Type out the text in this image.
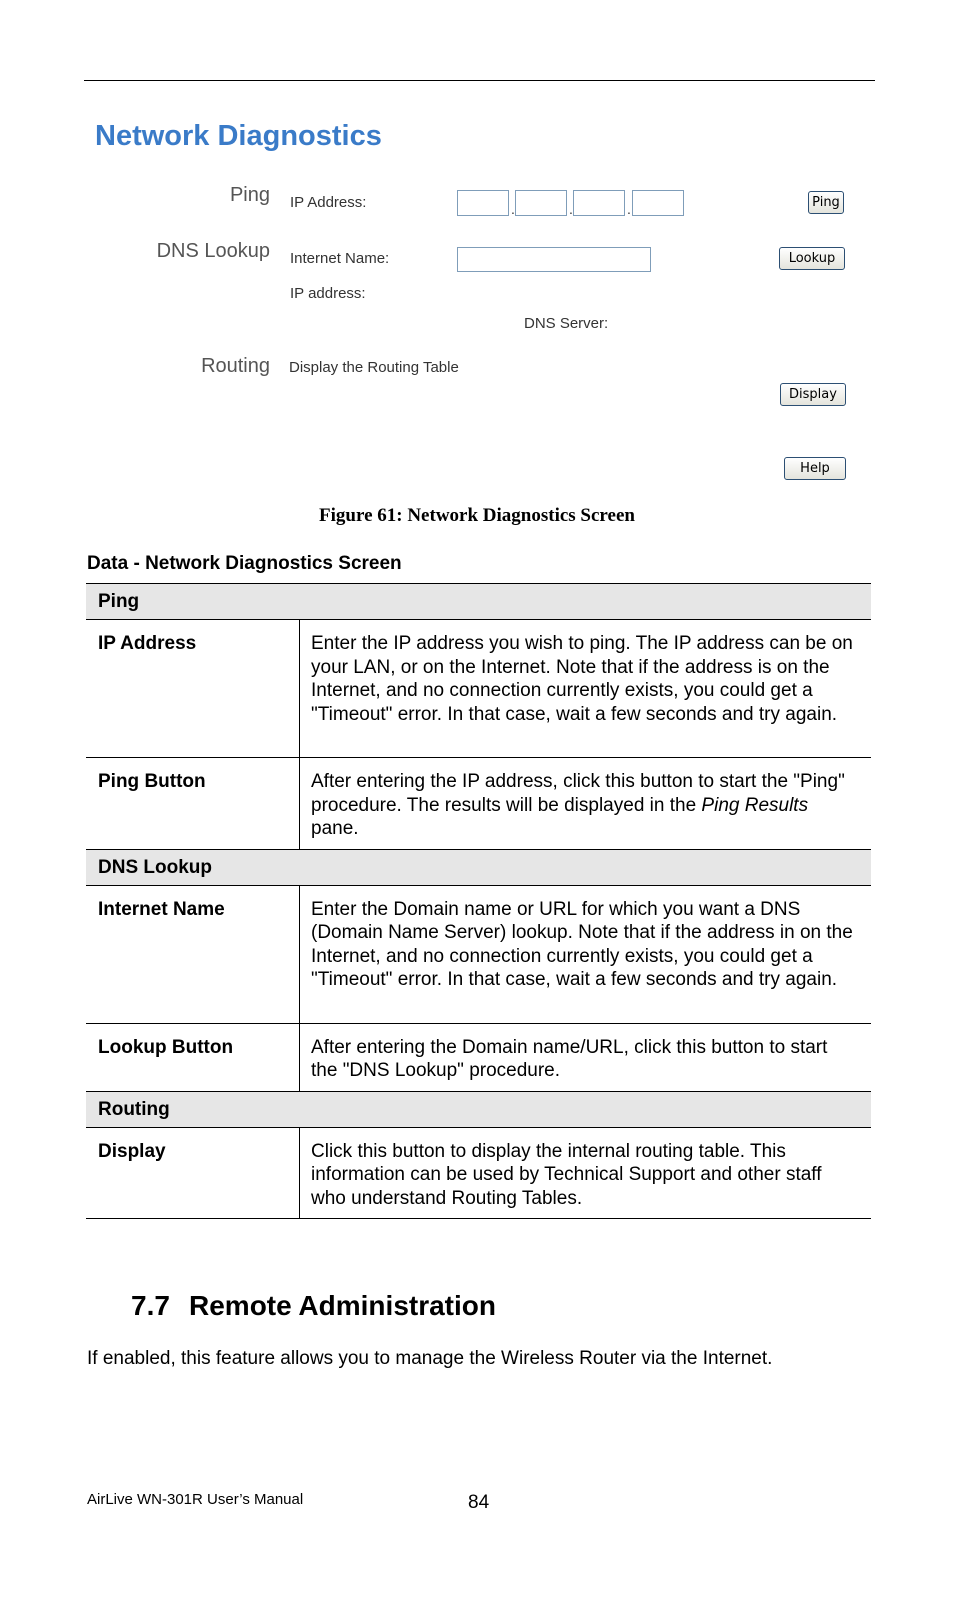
Network Diagnostics
Ping IP Address:	.	.	.	Ping
DNS Lookup Internet Name:	Lookup
IP address:
DNS Server:
Routing Display the Routing Table
Display
Help
Figure 61: Network Diagnostics Screen
Data - Network Diagnostics Screen
Ping	
IP Address	Enter the IP address you wish to ping. The IP address can be on your LAN, or on the Internet. Note that if the address is on the Internet, and no connection currently exists, you could get a "Timeout" error. In that case, wait a few seconds and try again.
Ping Button	After entering the IP address, click this button to start the "Ping" procedure. The results will be displayed in the Ping Results pane.
DNS Lookup	
Internet Name	Enter the Domain name or URL for which you want a DNS (Domain Name Server) lookup. Note that if the address in on the Internet, and no connection currently exists, you could get a "Timeout" error. In that case, wait a few seconds and try again.
Lookup Button	After entering the Domain name/URL, click this button to start the "DNS Lookup" procedure.
Routing	
Display	Click this button to display the internal routing table. This information can be used by Technical Support and other staff who understand Routing Tables.
7.7 Remote Administration
If enabled, this feature allows you to manage the Wireless Router via the Internet.
AirLive WN-301R User’s Manual	84
